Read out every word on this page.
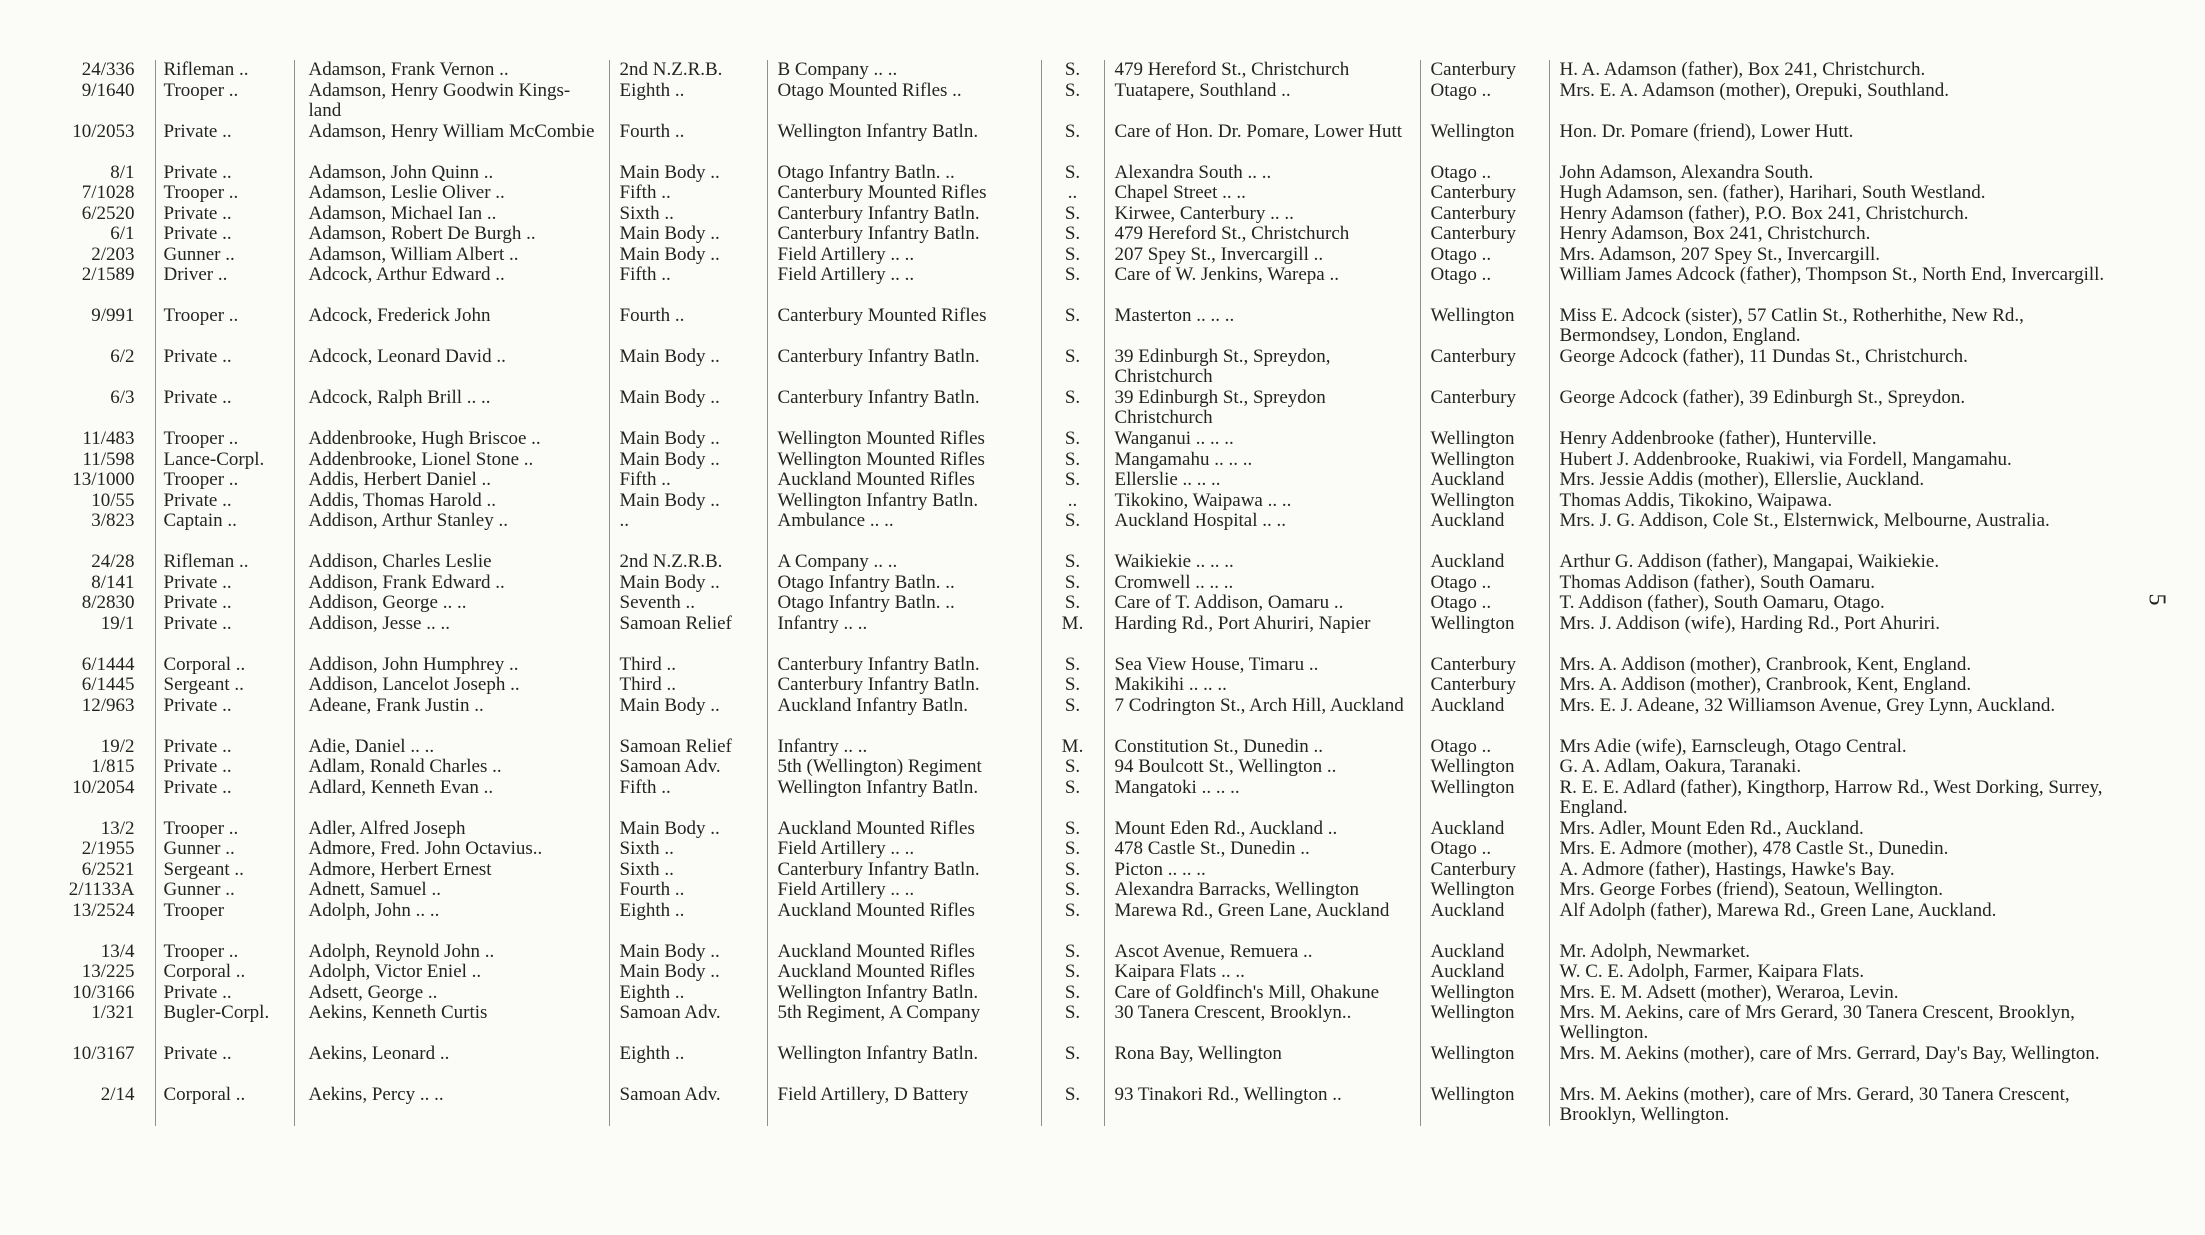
24/336	Rifleman ..	Adamson, Frank Vernon ..	2nd N.Z.R.B.	B Company .. ..	S.	479 Hereford St., Christchurch	Canterbury	H. A. Adamson (father), Box 241, Christchurch.
9/1640	Trooper ..	Adamson, Henry Goodwin Kings-land	Eighth ..	Otago Mounted Rifles ..	S.	Tuatapere, Southland ..	Otago ..	Mrs. E. A. Adamson (mother), Orepuki, Southland.
10/2053	Private ..	Adamson, Henry William McCombie	Fourth ..	Wellington Infantry Batln.	S.	Care of Hon. Dr. Pomare, Lower Hutt	Wellington	Hon. Dr. Pomare (friend), Lower Hutt.
8/1	Private ..	Adamson, John Quinn ..	Main Body ..	Otago Infantry Batln. ..	S.	Alexandra South .. ..	Otago ..	John Adamson, Alexandra South.
7/1028	Trooper ..	Adamson, Leslie Oliver ..	Fifth ..	Canterbury Mounted Rifles	..	Chapel Street .. ..	Canterbury	Hugh Adamson, sen. (father), Harihari, South Westland.
6/2520	Private ..	Adamson, Michael Ian ..	Sixth ..	Canterbury Infantry Batln.	S.	Kirwee, Canterbury .. ..	Canterbury	Henry Adamson (father), P.O. Box 241, Christchurch.
6/1	Private ..	Adamson, Robert De Burgh ..	Main Body ..	Canterbury Infantry Batln.	S.	479 Hereford St., Christchurch	Canterbury	Henry Adamson, Box 241, Christchurch.
2/203	Gunner ..	Adamson, William Albert ..	Main Body ..	Field Artillery .. ..	S.	207 Spey St., Invercargill ..	Otago ..	Mrs. Adamson, 207 Spey St., Invercargill.
2/1589	Driver ..	Adcock, Arthur Edward ..	Fifth ..	Field Artillery .. ..	S.	Care of W. Jenkins, Warepa ..	Otago ..	William James Adcock (father), Thompson St., North End, Invercargill.
9/991	Trooper ..	Adcock, Frederick John	Fourth ..	Canterbury Mounted Rifles	S.	Masterton .. .. ..	Wellington	Miss E. Adcock (sister), 57 Catlin St., Rotherhithe, New Rd., Bermondsey, London, England.
6/2	Private ..	Adcock, Leonard David ..	Main Body ..	Canterbury Infantry Batln.	S.	39 Edinburgh St., Spreydon, Christchurch	Canterbury	George Adcock (father), 11 Dundas St., Christchurch.
6/3	Private ..	Adcock, Ralph Brill .. ..	Main Body ..	Canterbury Infantry Batln.	S.	39 Edinburgh St., Spreydon Christchurch	Canterbury	George Adcock (father), 39 Edinburgh St., Spreydon.
11/483	Trooper ..	Addenbrooke, Hugh Briscoe ..	Main Body ..	Wellington Mounted Rifles	S.	Wanganui .. .. ..	Wellington	Henry Addenbrooke (father), Hunterville.
11/598	Lance-Corpl.	Addenbrooke, Lionel Stone ..	Main Body ..	Wellington Mounted Rifles	S.	Mangamahu .. .. ..	Wellington	Hubert J. Addenbrooke, Ruakiwi, via Fordell, Mangamahu.
13/1000	Trooper ..	Addis, Herbert Daniel ..	Fifth ..	Auckland Mounted Rifles	S.	Ellerslie .. .. ..	Auckland	Mrs. Jessie Addis (mother), Ellerslie, Auckland.
10/55	Private ..	Addis, Thomas Harold ..	Main Body ..	Wellington Infantry Batln.	..	Tikokino, Waipawa .. ..	Wellington	Thomas Addis, Tikokino, Waipawa.
3/823	Captain ..	Addison, Arthur Stanley ..	..	Ambulance .. ..	S.	Auckland Hospital .. ..	Auckland	Mrs. J. G. Addison, Cole St., Elsternwick, Melbourne, Australia.
24/28	Rifleman ..	Addison, Charles Leslie	2nd N.Z.R.B.	A Company .. ..	S.	Waikiekie .. .. ..	Auckland	Arthur G. Addison (father), Mangapai, Waikiekie.
8/141	Private ..	Addison, Frank Edward ..	Main Body ..	Otago Infantry Batln. ..	S.	Cromwell .. .. ..	Otago ..	Thomas Addison (father), South Oamaru.
8/2830	Private ..	Addison, George .. ..	Seventh ..	Otago Infantry Batln. ..	S.	Care of T. Addison, Oamaru ..	Otago ..	T. Addison (father), South Oamaru, Otago.
19/1	Private ..	Addison, Jesse .. ..	Samoan Relief	Infantry .. ..	M.	Harding Rd., Port Ahuriri, Napier	Wellington	Mrs. J. Addison (wife), Harding Rd., Port Ahuriri.
6/1444	Corporal ..	Addison, John Humphrey ..	Third ..	Canterbury Infantry Batln.	S.	Sea View House, Timaru ..	Canterbury	Mrs. A. Addison (mother), Cranbrook, Kent, England.
6/1445	Sergeant ..	Addison, Lancelot Joseph ..	Third ..	Canterbury Infantry Batln.	S.	Makikihi .. .. ..	Canterbury	Mrs. A. Addison (mother), Cranbrook, Kent, England.
12/963	Private ..	Adeane, Frank Justin ..	Main Body ..	Auckland Infantry Batln.	S.	7 Codrington St., Arch Hill, Auckland	Auckland	Mrs. E. J. Adeane, 32 Williamson Avenue, Grey Lynn, Auckland.
19/2	Private ..	Adie, Daniel .. ..	Samoan Relief	Infantry .. ..	M.	Constitution St., Dunedin ..	Otago ..	Mrs Adie (wife), Earnscleugh, Otago Central.
1/815	Private ..	Adlam, Ronald Charles ..	Samoan Adv.	5th (Wellington) Regiment	S.	94 Boulcott St., Wellington ..	Wellington	G. A. Adlam, Oakura, Taranaki.
10/2054	Private ..	Adlard, Kenneth Evan ..	Fifth ..	Wellington Infantry Batln.	S.	Mangatoki .. .. ..	Wellington	R. E. E. Adlard (father), Kingthorp, Harrow Rd., West Dorking, Surrey, England.
13/2	Trooper ..	Adler, Alfred Joseph	Main Body ..	Auckland Mounted Rifles	S.	Mount Eden Rd., Auckland ..	Auckland	Mrs. Adler, Mount Eden Rd., Auckland.
2/1955	Gunner ..	Admore, Fred. John Octavius..	Sixth ..	Field Artillery .. ..	S.	478 Castle St., Dunedin ..	Otago ..	Mrs. E. Admore (mother), 478 Castle St., Dunedin.
6/2521	Sergeant ..	Admore, Herbert Ernest	Sixth ..	Canterbury Infantry Batln.	S.	Picton .. .. ..	Canterbury	A. Admore (father), Hastings, Hawke's Bay.
2/1133A	Gunner ..	Adnett, Samuel ..	Fourth ..	Field Artillery .. ..	S.	Alexandra Barracks, Wellington	Wellington	Mrs. George Forbes (friend), Seatoun, Wellington.
13/2524	Trooper	Adolph, John .. ..	Eighth ..	Auckland Mounted Rifles	S.	Marewa Rd., Green Lane, Auckland	Auckland	Alf Adolph (father), Marewa Rd., Green Lane, Auckland.
13/4	Trooper ..	Adolph, Reynold John ..	Main Body ..	Auckland Mounted Rifles	S.	Ascot Avenue, Remuera ..	Auckland	Mr. Adolph, Newmarket.
13/225	Corporal ..	Adolph, Victor Eniel ..	Main Body ..	Auckland Mounted Rifles	S.	Kaipara Flats .. ..	Auckland	W. C. E. Adolph, Farmer, Kaipara Flats.
10/3166	Private ..	Adsett, George ..	Eighth ..	Wellington Infantry Batln.	S.	Care of Goldfinch's Mill, Ohakune	Wellington	Mrs. E. M. Adsett (mother), Weraroa, Levin.
1/321	Bugler-Corpl.	Aekins, Kenneth Curtis	Samoan Adv.	5th Regiment, A Company	S.	30 Tanera Crescent, Brooklyn..	Wellington	Mrs. M. Aekins, care of Mrs Gerard, 30 Tanera Crescent, Brooklyn, Wellington.
10/3167	Private ..	Aekins, Leonard ..	Eighth ..	Wellington Infantry Batln.	S.	Rona Bay, Wellington	Wellington	Mrs. M. Aekins (mother), care of Mrs. Gerrard, Day's Bay, Wellington.
2/14	Corporal ..	Aekins, Percy .. ..	Samoan Adv.	Field Artillery, D Battery	S.	93 Tinakori Rd., Wellington ..	Wellington	Mrs. M. Aekins (mother), care of Mrs. Gerard, 30 Tanera Crescent, Brooklyn, Wellington.
5
